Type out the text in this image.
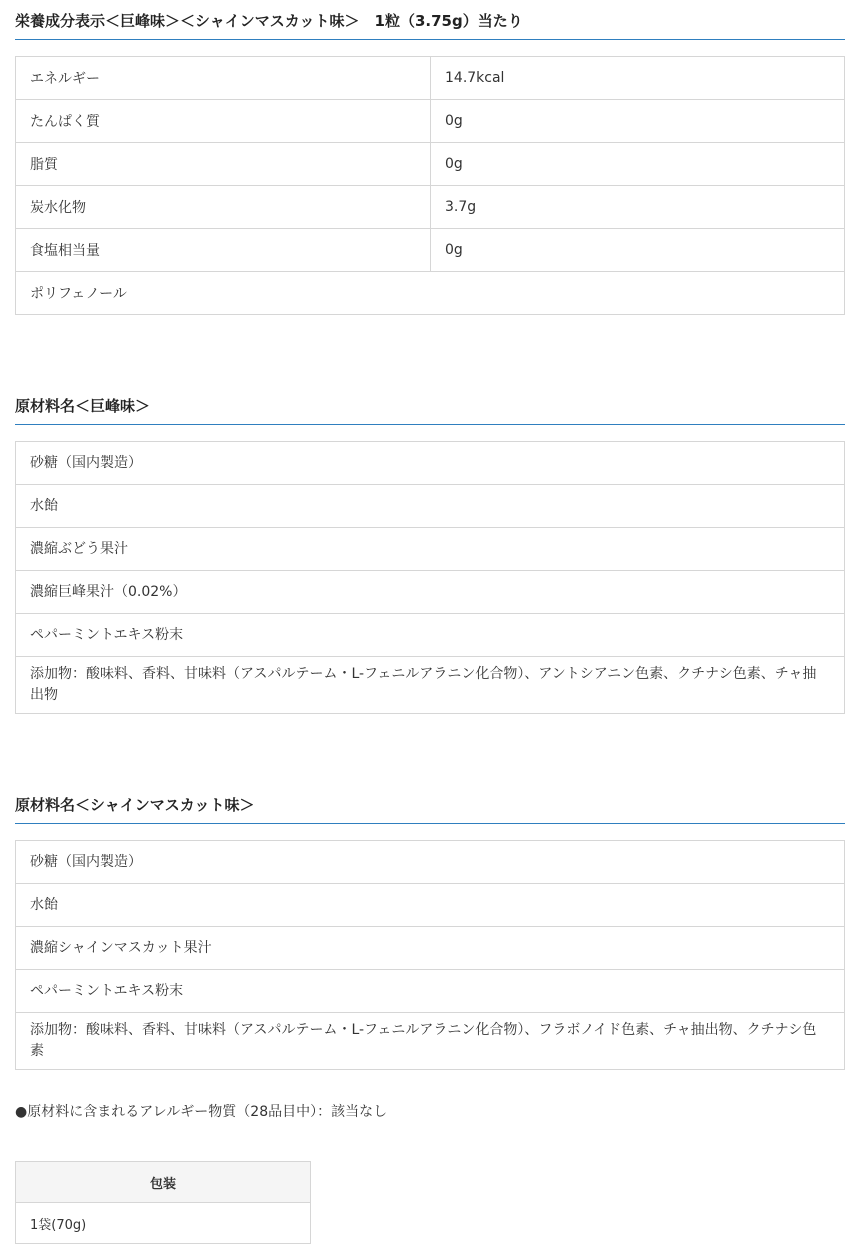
栄養成分表示＜巨峰味＞＜シャインマスカット味＞　1粒（3.75g）当たり
エネルギー	14.7kcal
たんぱく質	0g
脂質	0g
炭水化物	3.7g
食塩相当量	0g
ポリフェノール	
原材料名＜巨峰味＞
砂糖（国内製造）
水飴
濃縮ぶどう果汁
濃縮巨峰果汁（0.02%）
ペパーミントエキス粉末
添加物：酸味料、香料、甘味料（アスパルテーム・L-フェニルアラニン化合物）、アントシアニン色素、クチナシ色素、チャ抽出物
原材料名＜シャインマスカット味＞
砂糖（国内製造）
水飴
濃縮シャインマスカット果汁
ペパーミントエキス粉末
添加物：酸味料、香料、甘味料（アスパルテーム・L-フェニルアラニン化合物）、フラボノイド色素、チャ抽出物、クチナシ色素
●原材料に含まれるアレルギー物質（28品目中）：該当なし
包装
1袋(70g)
